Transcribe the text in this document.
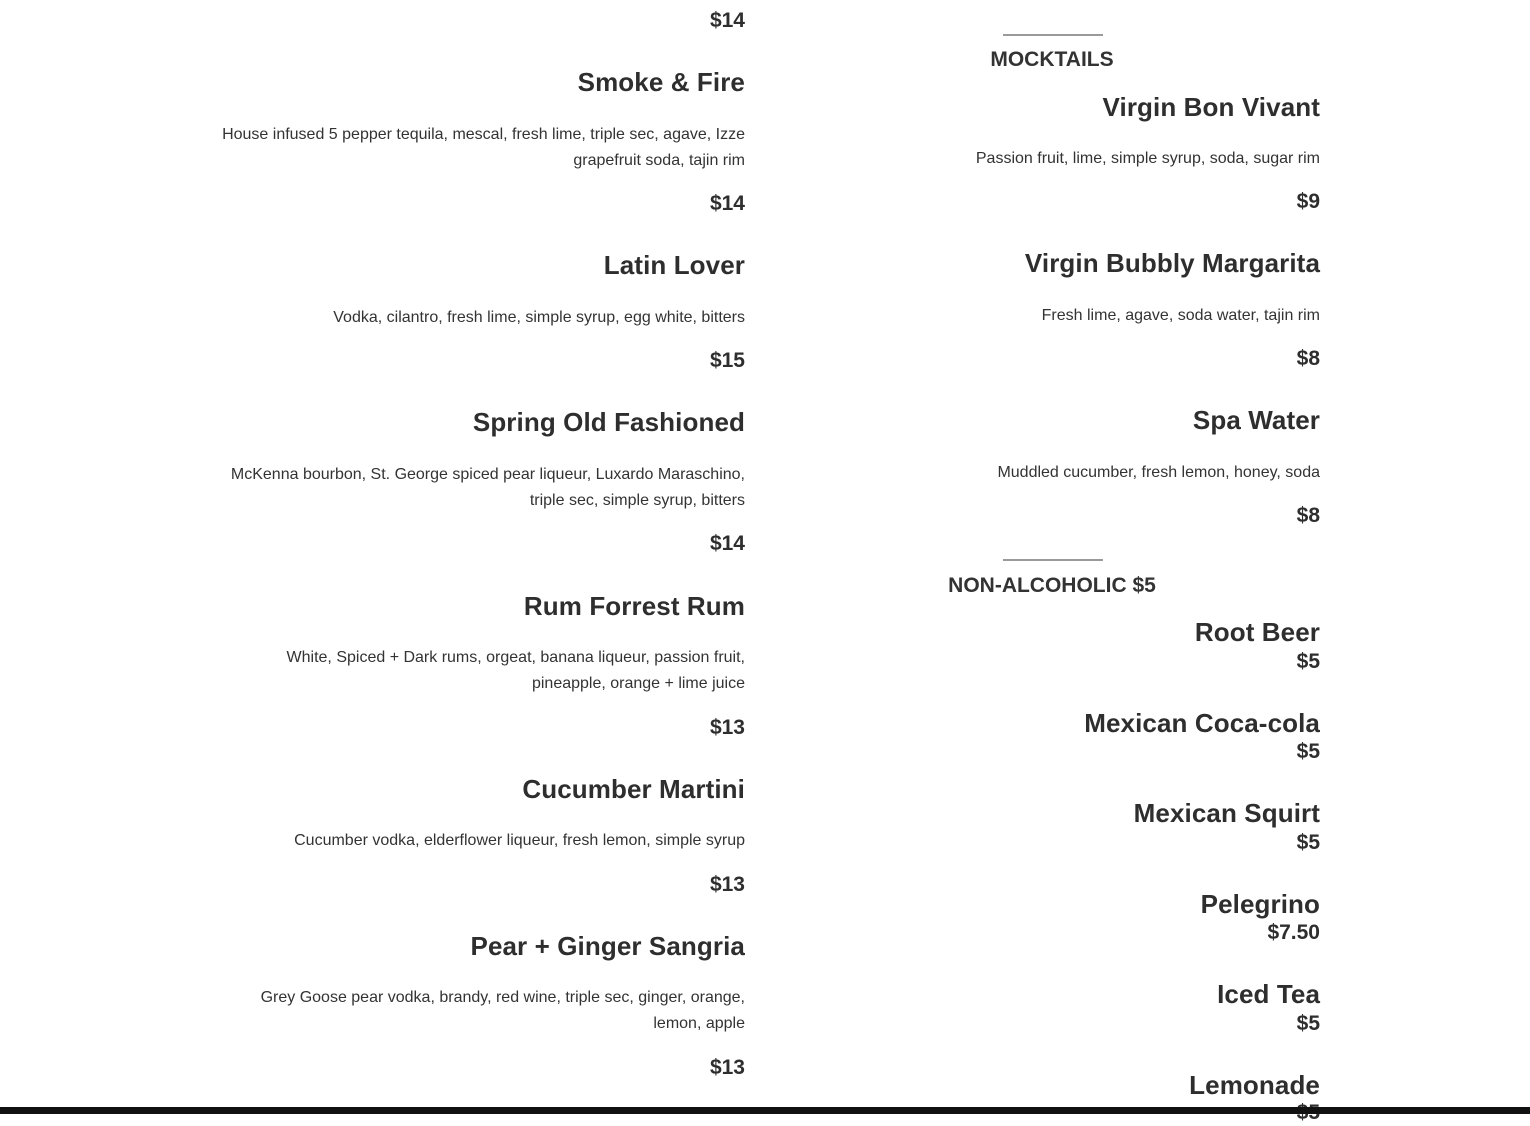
$14
Smoke & Fire
House infused 5 pepper tequila, mescal, fresh lime, triple sec, agave, Izze grapefruit soda, tajin rim
$14
Latin Lover
Vodka, cilantro, fresh lime, simple syrup, egg white, bitters
$15
Spring Old Fashioned
McKenna bourbon, St. George spiced pear liqueur, Luxardo Maraschino, triple sec, simple syrup, bitters
$14
Rum Forrest Rum
White, Spiced + Dark rums, orgeat, banana liqueur, passion fruit, pineapple, orange + lime juice
$13
Cucumber Martini
Cucumber vodka, elderflower liqueur, fresh lemon, simple syrup
$13
Pear + Ginger Sangria
Grey Goose pear vodka, brandy, red wine, triple sec, ginger, orange, lemon, apple
$13
MOCKTAILS
Virgin Bon Vivant
Passion fruit, lime, simple syrup, soda, sugar rim
$9
Virgin Bubbly Margarita
Fresh lime, agave, soda water, tajin rim
$8
Spa Water
Muddled cucumber, fresh lemon, honey, soda
$8
NON-ALCOHOLIC $5
Root Beer
$5
Mexican Coca-cola
$5
Mexican Squirt
$5
Pelegrino
$7.50
Iced Tea
$5
Lemonade
